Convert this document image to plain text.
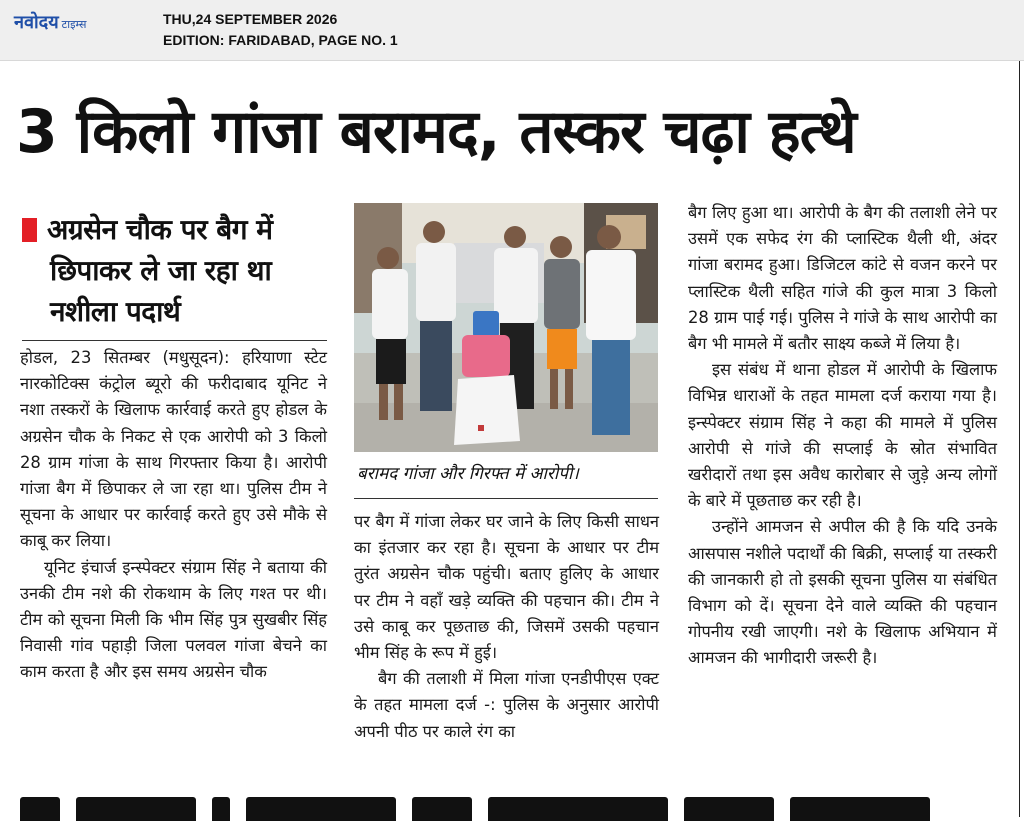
नवोदय टाइम्स	THU,24 SEPTEMBER 2026
EDITION: FARIDABAD, PAGE NO. 1
3 किलो गांजा बरामद, तस्कर चढ़ा हत्थे
अग्रसेन चौक पर बैग में
छिपाकर ले जा रहा था
नशीला पदार्थ

होडल, 23 सितम्बर (मधुसूदन): हरियाणा स्टेट नारकोटिक्स कंट्रोल ब्यूरो की फरीदाबाद यूनिट ने नशा तस्करों के खिलाफ कार्रवाई करते हुए होडल के अग्रसेन चौक के निकट से एक आरोपी को 3 किलो 28 ग्राम गांजा के साथ गिरफ्तार किया है। आरोपी गांजा बैग में छिपाकर ले जा रहा था। पुलिस टीम ने सूचना के आधार पर कार्रवाई करते हुए उसे मौके से काबू कर लिया।

यूनिट इंचार्ज इन्स्पेक्टर संग्राम सिंह ने बताया की उनकी टीम नशे की रोकथाम के लिए गश्त पर थी। टीम को सूचना मिली कि भीम सिंह पुत्र सुखबीर सिंह निवासी गांव पहाड़ी जिला पलवल गांजा बेचने का काम करता है और इस समय अग्रसेन चौक

बरामद गांजा और गिरफ्त में आरोपी।

पर बैग में गांजा लेकर घर जाने के लिए किसी साधन का इंतजार कर रहा है। सूचना के आधार पर टीम तुरंत अग्रसेन चौक पहुंची। बताए हुलिए के आधार पर टीम ने वहाँ खड़े व्यक्ति की पहचान की। टीम ने उसे काबू कर पूछताछ की, जिसमें उसकी पहचान भीम सिंह के रूप में हुई।

बैग की तलाशी में मिला गांजा एनडीपीएस एक्ट के तहत मामला दर्ज -: पुलिस के अनुसार आरोपी अपनी पीठ पर काले रंग का

बैग लिए हुआ था। आरोपी के बैग की तलाशी लेने पर उसमें एक सफेद रंग की प्लास्टिक थैली थी, अंदर गांजा बरामद हुआ। डिजिटल कांटे से वजन करने पर प्लास्टिक थैली सहित गांजे की कुल मात्रा 3 किलो 28 ग्राम पाई गई। पुलिस ने गांजे के साथ आरोपी का बैग भी मामले में बतौर साक्ष्य कब्जे में लिया है।

इस संबंध में थाना होडल में आरोपी के खिलाफ विभिन्न धाराओं के तहत मामला दर्ज कराया गया है। इन्स्पेक्टर संग्राम सिंह ने कहा की मामले में पुलिस आरोपी से गांजे की सप्लाई के स्रोत संभावित खरीदारों तथा इस अवैध कारोबार से जुड़े अन्य लोगों के बारे में पूछताछ कर रही है।

उन्होंने आमजन से अपील की है कि यदि उनके आसपास नशीले पदार्थों की बिक्री, सप्लाई या तस्करी की जानकारी हो तो इसकी सूचना पुलिस या संबंधित विभाग को दें। सूचना देने वाले व्यक्ति की पहचान गोपनीय रखी जाएगी। नशे के खिलाफ अभियान में आमजन की भागीदारी जरूरी है।
